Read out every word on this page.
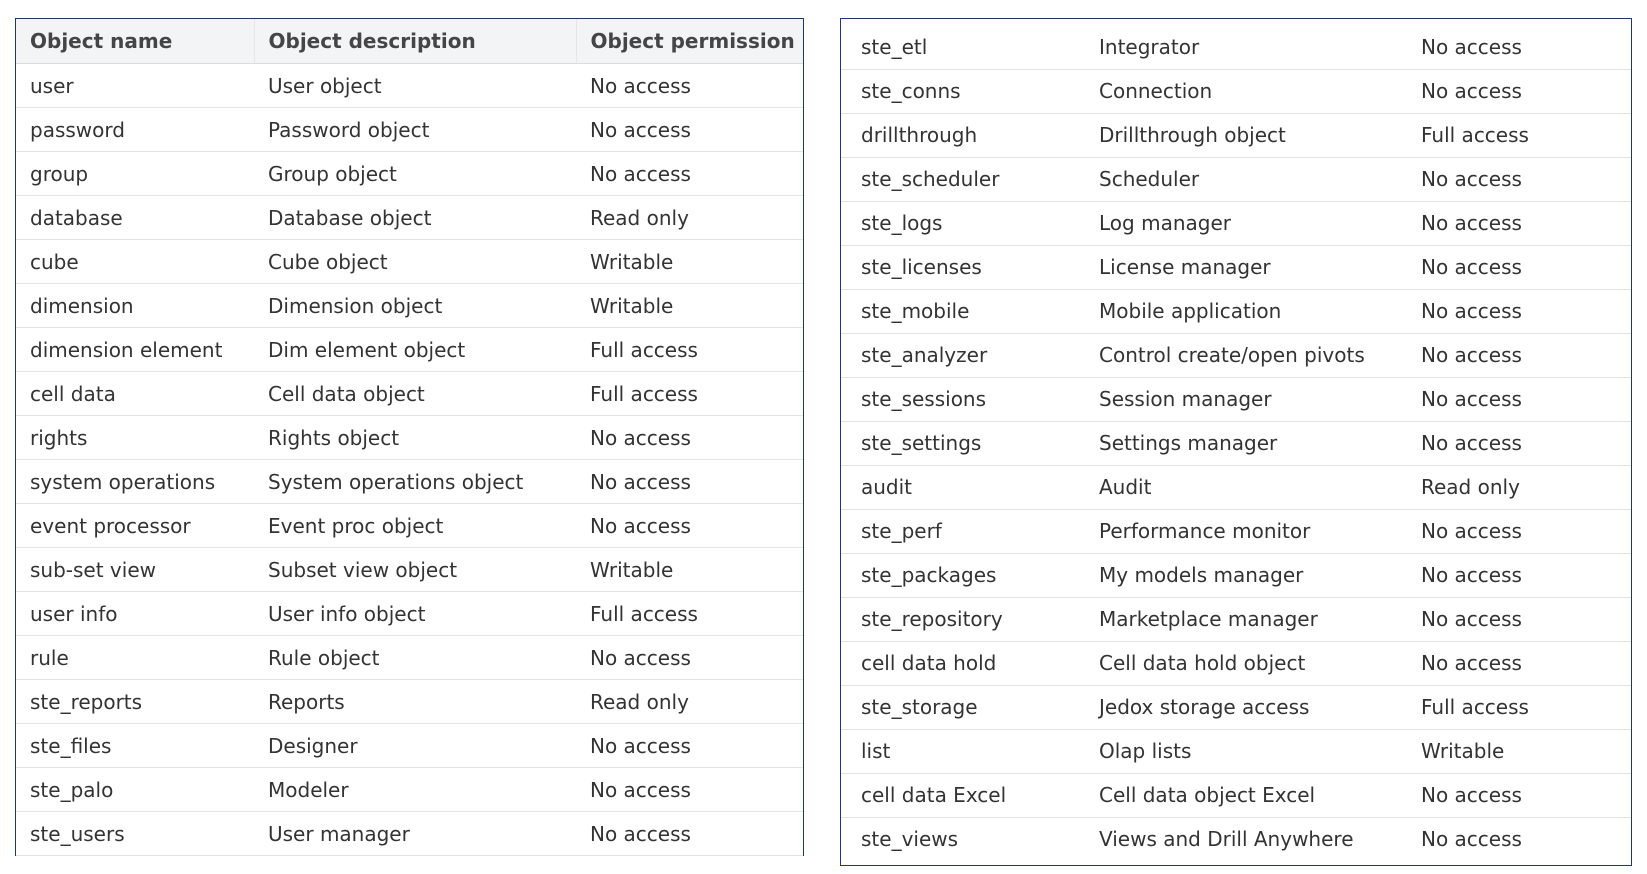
Object name	Object description	Object permission
user	User object	No access
password	Password object	No access
group	Group object	No access
database	Database object	Read only
cube	Cube object	Writable
dimension	Dimension object	Writable
dimension element	Dim element object	Full access
cell data	Cell data object	Full access
rights	Rights object	No access
system operations	System operations object	No access
event processor	Event proc object	No access
sub-set view	Subset view object	Writable
user info	User info object	Full access
rule	Rule object	No access
ste_reports	Reports	Read only
ste_files	Designer	No access
ste_palo	Modeler	No access
ste_users	User manager	No access
ste_etl	Integrator	No access
ste_conns	Connection	No access
drillthrough	Drillthrough object	Full access
ste_scheduler	Scheduler	No access
ste_logs	Log manager	No access
ste_licenses	License manager	No access
ste_mobile	Mobile application	No access
ste_analyzer	Control create/open pivots	No access
ste_sessions	Session manager	No access
ste_settings	Settings manager	No access
audit	Audit	Read only
ste_perf	Performance monitor	No access
ste_packages	My models manager	No access
ste_repository	Marketplace manager	No access
cell data hold	Cell data hold object	No access
ste_storage	Jedox storage access	Full access
list	Olap lists	Writable
cell data Excel	Cell data object Excel	No access
ste_views	Views and Drill Anywhere	No access
